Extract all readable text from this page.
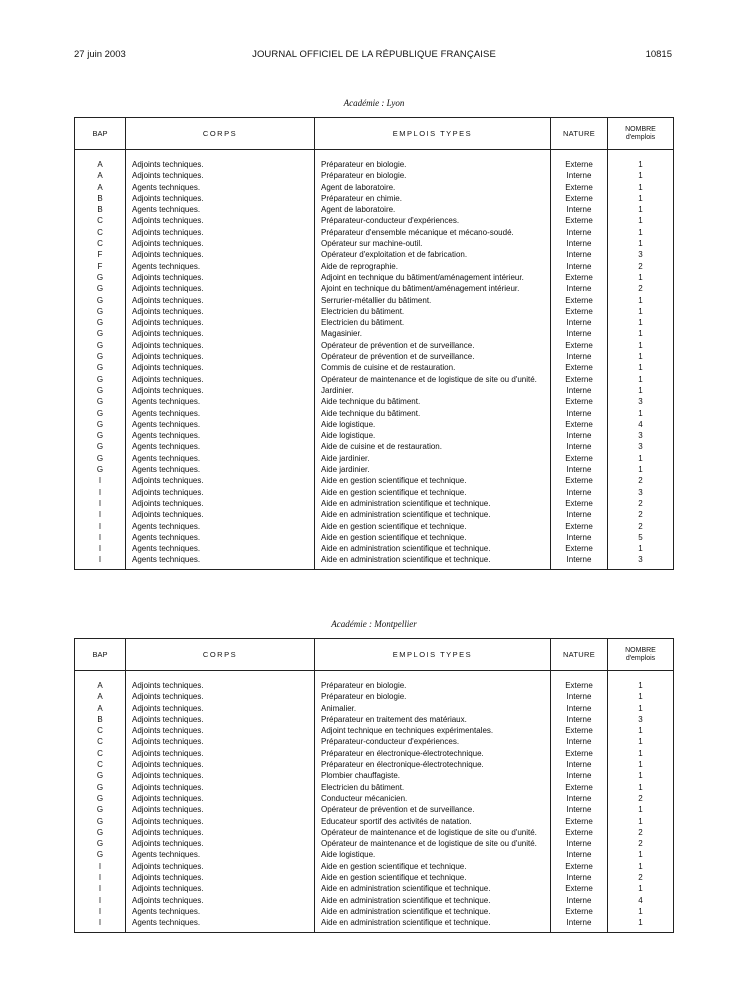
27 juin 2003	JOURNAL OFFICIEL DE LA RÉPUBLIQUE FRANÇAISE	10815
Académie : Lyon
BAP	CORPS	EMPLOIS TYPES	NATURE	NOMBRE
d'emplois

A	Adjoints techniques.	Préparateur en biologie.	Externe	1
A	Adjoints techniques.	Préparateur en biologie.	Interne	1
A	Agents techniques.	Agent de laboratoire.	Externe	1
B	Adjoints techniques.	Préparateur en chimie.	Externe	1
B	Agents techniques.	Agent de laboratoire.	Interne	1
C	Adjoints techniques.	Préparateur-conducteur d'expériences.	Externe	1
C	Adjoints techniques.	Préparateur d'ensemble mécanique et mécano-soudé.	Interne	1
C	Adjoints techniques.	Opérateur sur machine-outil.	Interne	1
F	Adjoints techniques.	Opérateur d'exploitation et de fabrication.	Interne	3
F	Agents techniques.	Aide de reprographie.	Interne	2
G	Adjoints techniques.	Adjoint en technique du bâtiment/aménagement intérieur.	Externe	1
G	Adjoints techniques.	Ajoint en technique du bâtiment/aménagement intérieur.	Interne	2
G	Adjoints techniques.	Serrurier-métallier du bâtiment.	Externe	1
G	Adjoints techniques.	Electricien du bâtiment.	Externe	1
G	Adjoints techniques.	Electricien du bâtiment.	Interne	1
G	Adjoints techniques.	Magasinier.	Interne	1
G	Adjoints techniques.	Opérateur de prévention et de surveillance.	Externe	1
G	Adjoints techniques.	Opérateur de prévention et de surveillance.	Interne	1
G	Adjoints techniques.	Commis de cuisine et de restauration.	Externe	1
G	Adjoints techniques.	Opérateur de maintenance et de logistique de site ou d'unité.	Externe	1
G	Adjoints techniques.	Jardinier.	Interne	1
G	Agents techniques.	Aide technique du bâtiment.	Externe	3
G	Agents techniques.	Aide technique du bâtiment.	Interne	1
G	Agents techniques.	Aide logistique.	Externe	4
G	Agents techniques.	Aide logistique.	Interne	3
G	Agents techniques.	Aide de cuisine et de restauration.	Interne	3
G	Agents techniques.	Aide jardinier.	Externe	1
G	Agents techniques.	Aide jardinier.	Interne	1
I	Adjoints techniques.	Aide en gestion scientifique et technique.	Externe	2
I	Adjoints techniques.	Aide en gestion scientifique et technique.	Interne	3
I	Adjoints techniques.	Aide en administration scientifique et technique.	Externe	2
I	Adjoints techniques.	Aide en administration scientifique et technique.	Interne	2
I	Agents techniques.	Aide en gestion scientifique et technique.	Externe	2
I	Agents techniques.	Aide en gestion scientifique et technique.	Interne	5
I	Agents techniques.	Aide en administration scientifique et technique.	Externe	1
I	Agents techniques.	Aide en administration scientifique et technique.	Interne	3
Académie : Montpellier
BAP	CORPS	EMPLOIS TYPES	NATURE	NOMBRE
d'emplois

A	Adjoints techniques.	Préparateur en biologie.	Externe	1
A	Adjoints techniques.	Préparateur en biologie.	Interne	1
A	Adjoints techniques.	Animalier.	Interne	1
B	Adjoints techniques.	Préparateur en traitement des matériaux.	Interne	3
C	Adjoints techniques.	Adjoint technique en techniques expérimentales.	Externe	1
C	Adjoints techniques.	Préparateur-conducteur d'expériences.	Interne	1
C	Adjoints techniques.	Préparateur en électronique-électrotechnique.	Externe	1
C	Adjoints techniques.	Préparateur en électronique-électrotechnique.	Interne	1
G	Adjoints techniques.	Plombier chauffagiste.	Interne	1
G	Adjoints techniques.	Electricien du bâtiment.	Externe	1
G	Adjoints techniques.	Conducteur mécanicien.	Interne	2
G	Adjoints techniques.	Opérateur de prévention et de surveillance.	Interne	1
G	Adjoints techniques.	Educateur sportif des activités de natation.	Externe	1
G	Adjoints techniques.	Opérateur de maintenance et de logistique de site ou d'unité.	Externe	2
G	Adjoints techniques.	Opérateur de maintenance et de logistique de site ou d'unité.	Interne	2
G	Agents techniques.	Aide logistique.	Interne	1
I	Adjoints techniques.	Aide en gestion scientifique et technique.	Externe	1
I	Adjoints techniques.	Aide en gestion scientifique et technique.	Interne	2
I	Adjoints techniques.	Aide en administration scientifique et technique.	Externe	1
I	Adjoints techniques.	Aide en administration scientifique et technique.	Interne	4
I	Agents techniques.	Aide en administration scientifique et technique.	Externe	1
I	Agents techniques.	Aide en administration scientifique et technique.	Interne	1
